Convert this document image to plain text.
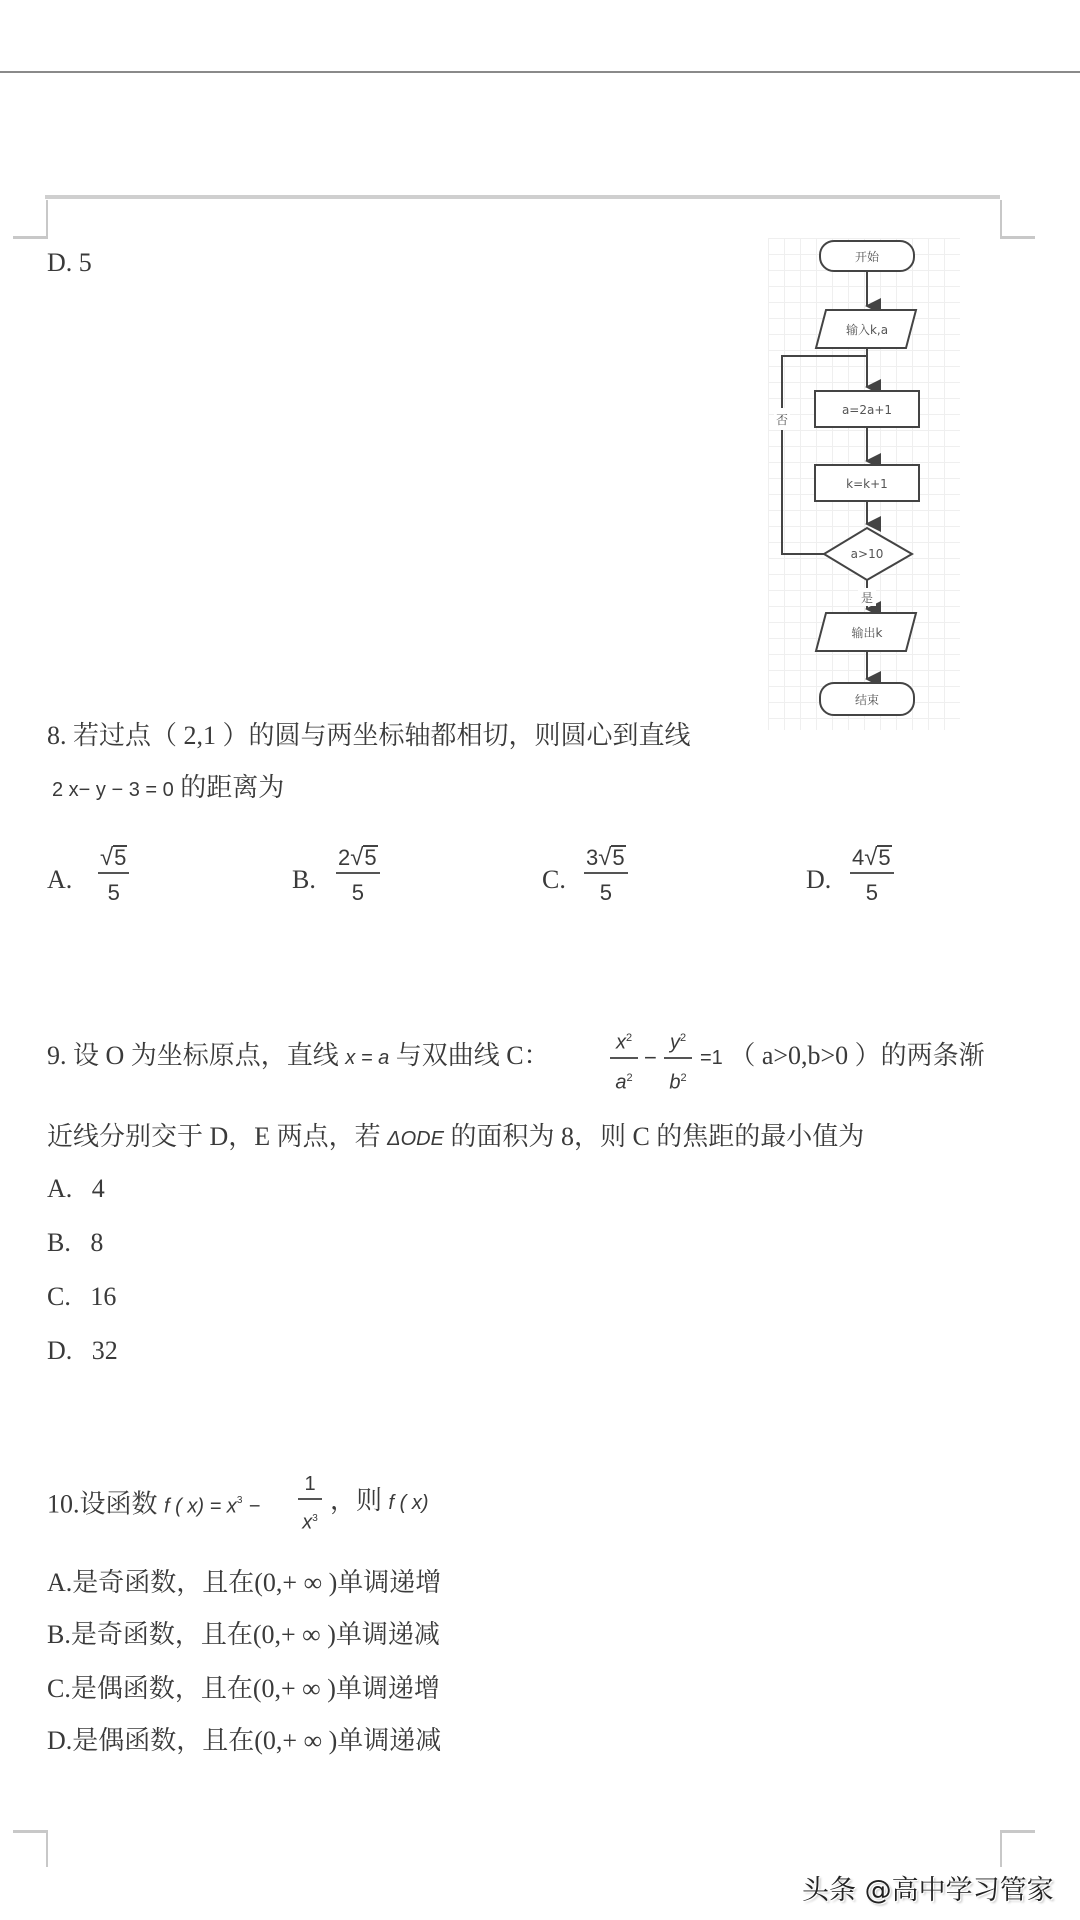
D. 5	开始
输入k,a
a=2a+1
k=k+1
a>10
输出k
结束
否
是
8. 若过点（ 2,1 ）的圆与两坐标轴都相切，则圆心到直线
2 x− y − 3 = 0 的距离为
A.
√5
5	B.
2√5
5	C.
3√5
5	D.
4√5
5
9. 设 O 为坐标原点，直线 x = a 与双曲线 C：	$x^2$
$a^2$
−
$y^2$
$b^2$
=1 （ a>0,b>0 ）的两条渐
近线分别交于 D，E 两点，若 ΔODE 的面积为 8，则 C 的焦距的最小值为
A. 4
B. 8
C. 16
D. 32
10.设函数 f ( $x) = x^3$ −
1
$x^3$
，则 f ( x)
A.是奇函数，且在(0,+ ∞ )单调递增
B.是奇函数，且在(0,+ ∞ )单调递减
C.是偶函数，且在(0,+ ∞ )单调递增
D.是偶函数，且在(0,+ ∞ )单调递减
头条 @高中学习管家
